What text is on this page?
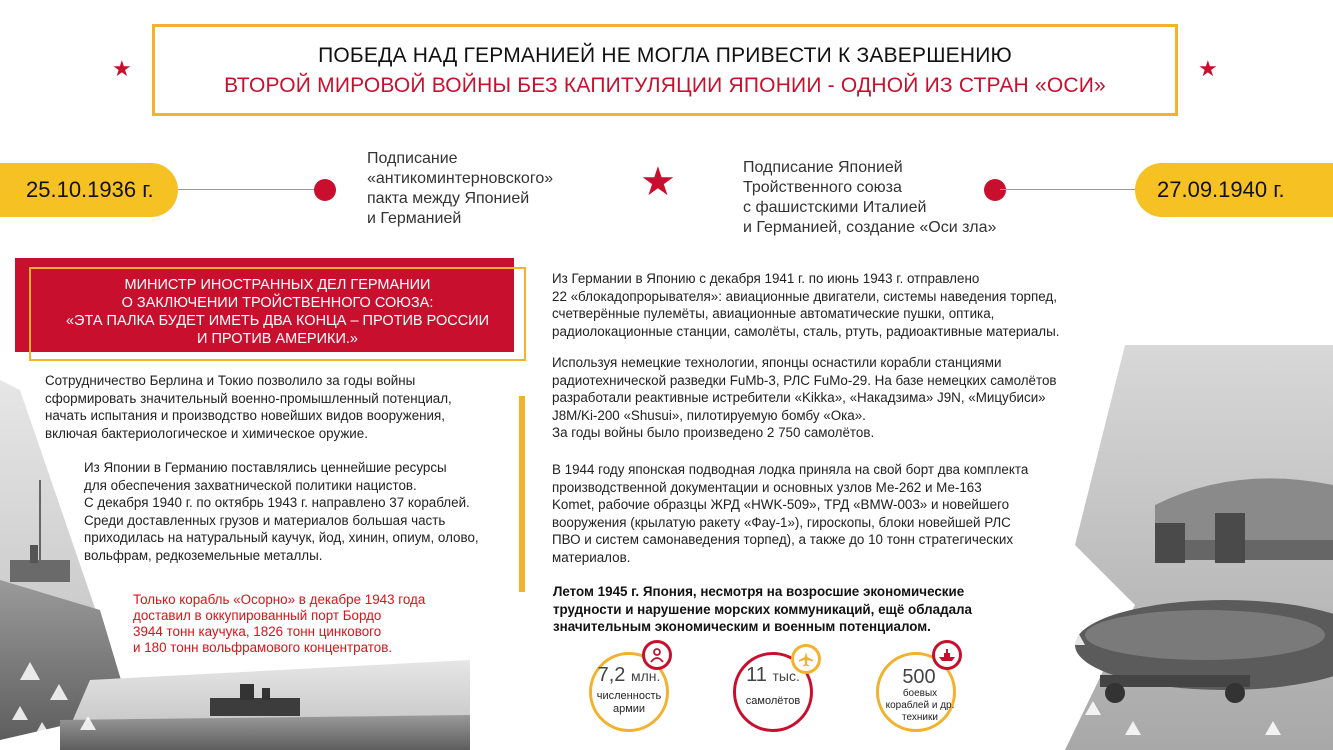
★	★
ПОБЕДА НАД ГЕРМАНИЕЙ НЕ МОГЛА ПРИВЕСТИ К ЗАВЕРШЕНИЮ
ВТОРОЙ МИРОВОЙ ВОЙНЫ БЕЗ КАПИТУЛЯЦИИ ЯПОНИИ - ОДНОЙ ИЗ СТРАН «ОСИ»
25.10.1936 г.
Подписание
«антикоминтерновского»
пакта между Японией
и Германией
★	Подписание Японией
Тройственного союза
с фашистскими Италией
и Германией, создание «Оси зла»
27.09.1940 г.
МИНИСТР ИНОСТРАННЫХ ДЕЛ ГЕРМАНИИ
О ЗАКЛЮЧЕНИИ ТРОЙСТВЕННОГО СОЮЗА:
«ЭТА ПАЛКА БУДЕТ ИМЕТЬ ДВА КОНЦА – ПРОТИВ РОССИИ
И ПРОТИВ АМЕРИКИ.»
Сотрудничество Берлина и Токио позволило за годы войны
сформировать значительный военно-промышленный потенциал,
начать испытания и производство новейших видов вооружения,
включая бактериологическое и химическое оружие.
Из Японии в Германию поставлялись ценнейшие ресурсы
для обеспечения захватнической политики нацистов.
С декабря 1940 г. по октябрь 1943 г. направлено 37 кораблей.
Среди доставленных грузов и материалов большая часть
приходилась на натуральный каучук, йод, хинин, опиум, олово,
вольфрам, редкоземельные металлы.
Только корабль «Осорно» в декабре 1943 года
доставил в оккупированный порт Бордо
3944 тонн каучука, 1826 тонн цинкового
и 180 тонн вольфрамового концентратов.
Из Германии в Японию с декабря 1941 г. по июнь 1943 г. отправлено
22 «блокадопрорывателя»: авиационные двигатели, системы наведения торпед,
счетверённые пулемёты, авиационные автоматические пушки, оптика,
радиолокационные станции, самолёты, сталь, ртуть, радиоактивные материалы.
Используя немецкие технологии, японцы оснастили корабли станциями
радиотехнической разведки FuMb-3, РЛС FuMo-29. На базе немецких самолётов
разработали реактивные истребители «Kikka», «Накадзима» J9N, «Мицубиси»
J8M/Ki-200 «Shusui», пилотируемую бомбу «Ока».
За годы войны было произведено 2 750 самолётов.
В 1944 году японская подводная лодка приняла на свой борт два комплекта
производственной документации и основных узлов Ме-262 и Ме-163
Komet, рабочие образцы ЖРД «HWK-509», ТРД «BMW-003» и новейшего
вооружения (крылатую ракету «Фау-1»), гироскопы, блоки новейшей РЛС
ПВО и систем самонаведения торпед), а также до 10 тонн стратегических
материалов.
Летом 1945 г. Япония, несмотря на возросшие экономические
трудности и нарушение морских коммуникаций, ещё обладала
значительным экономическим и военным потенциалом.
7,2 млн.
численность
армии
11 тыс.
самолётов
500
боевых
кораблей и др.
техники
